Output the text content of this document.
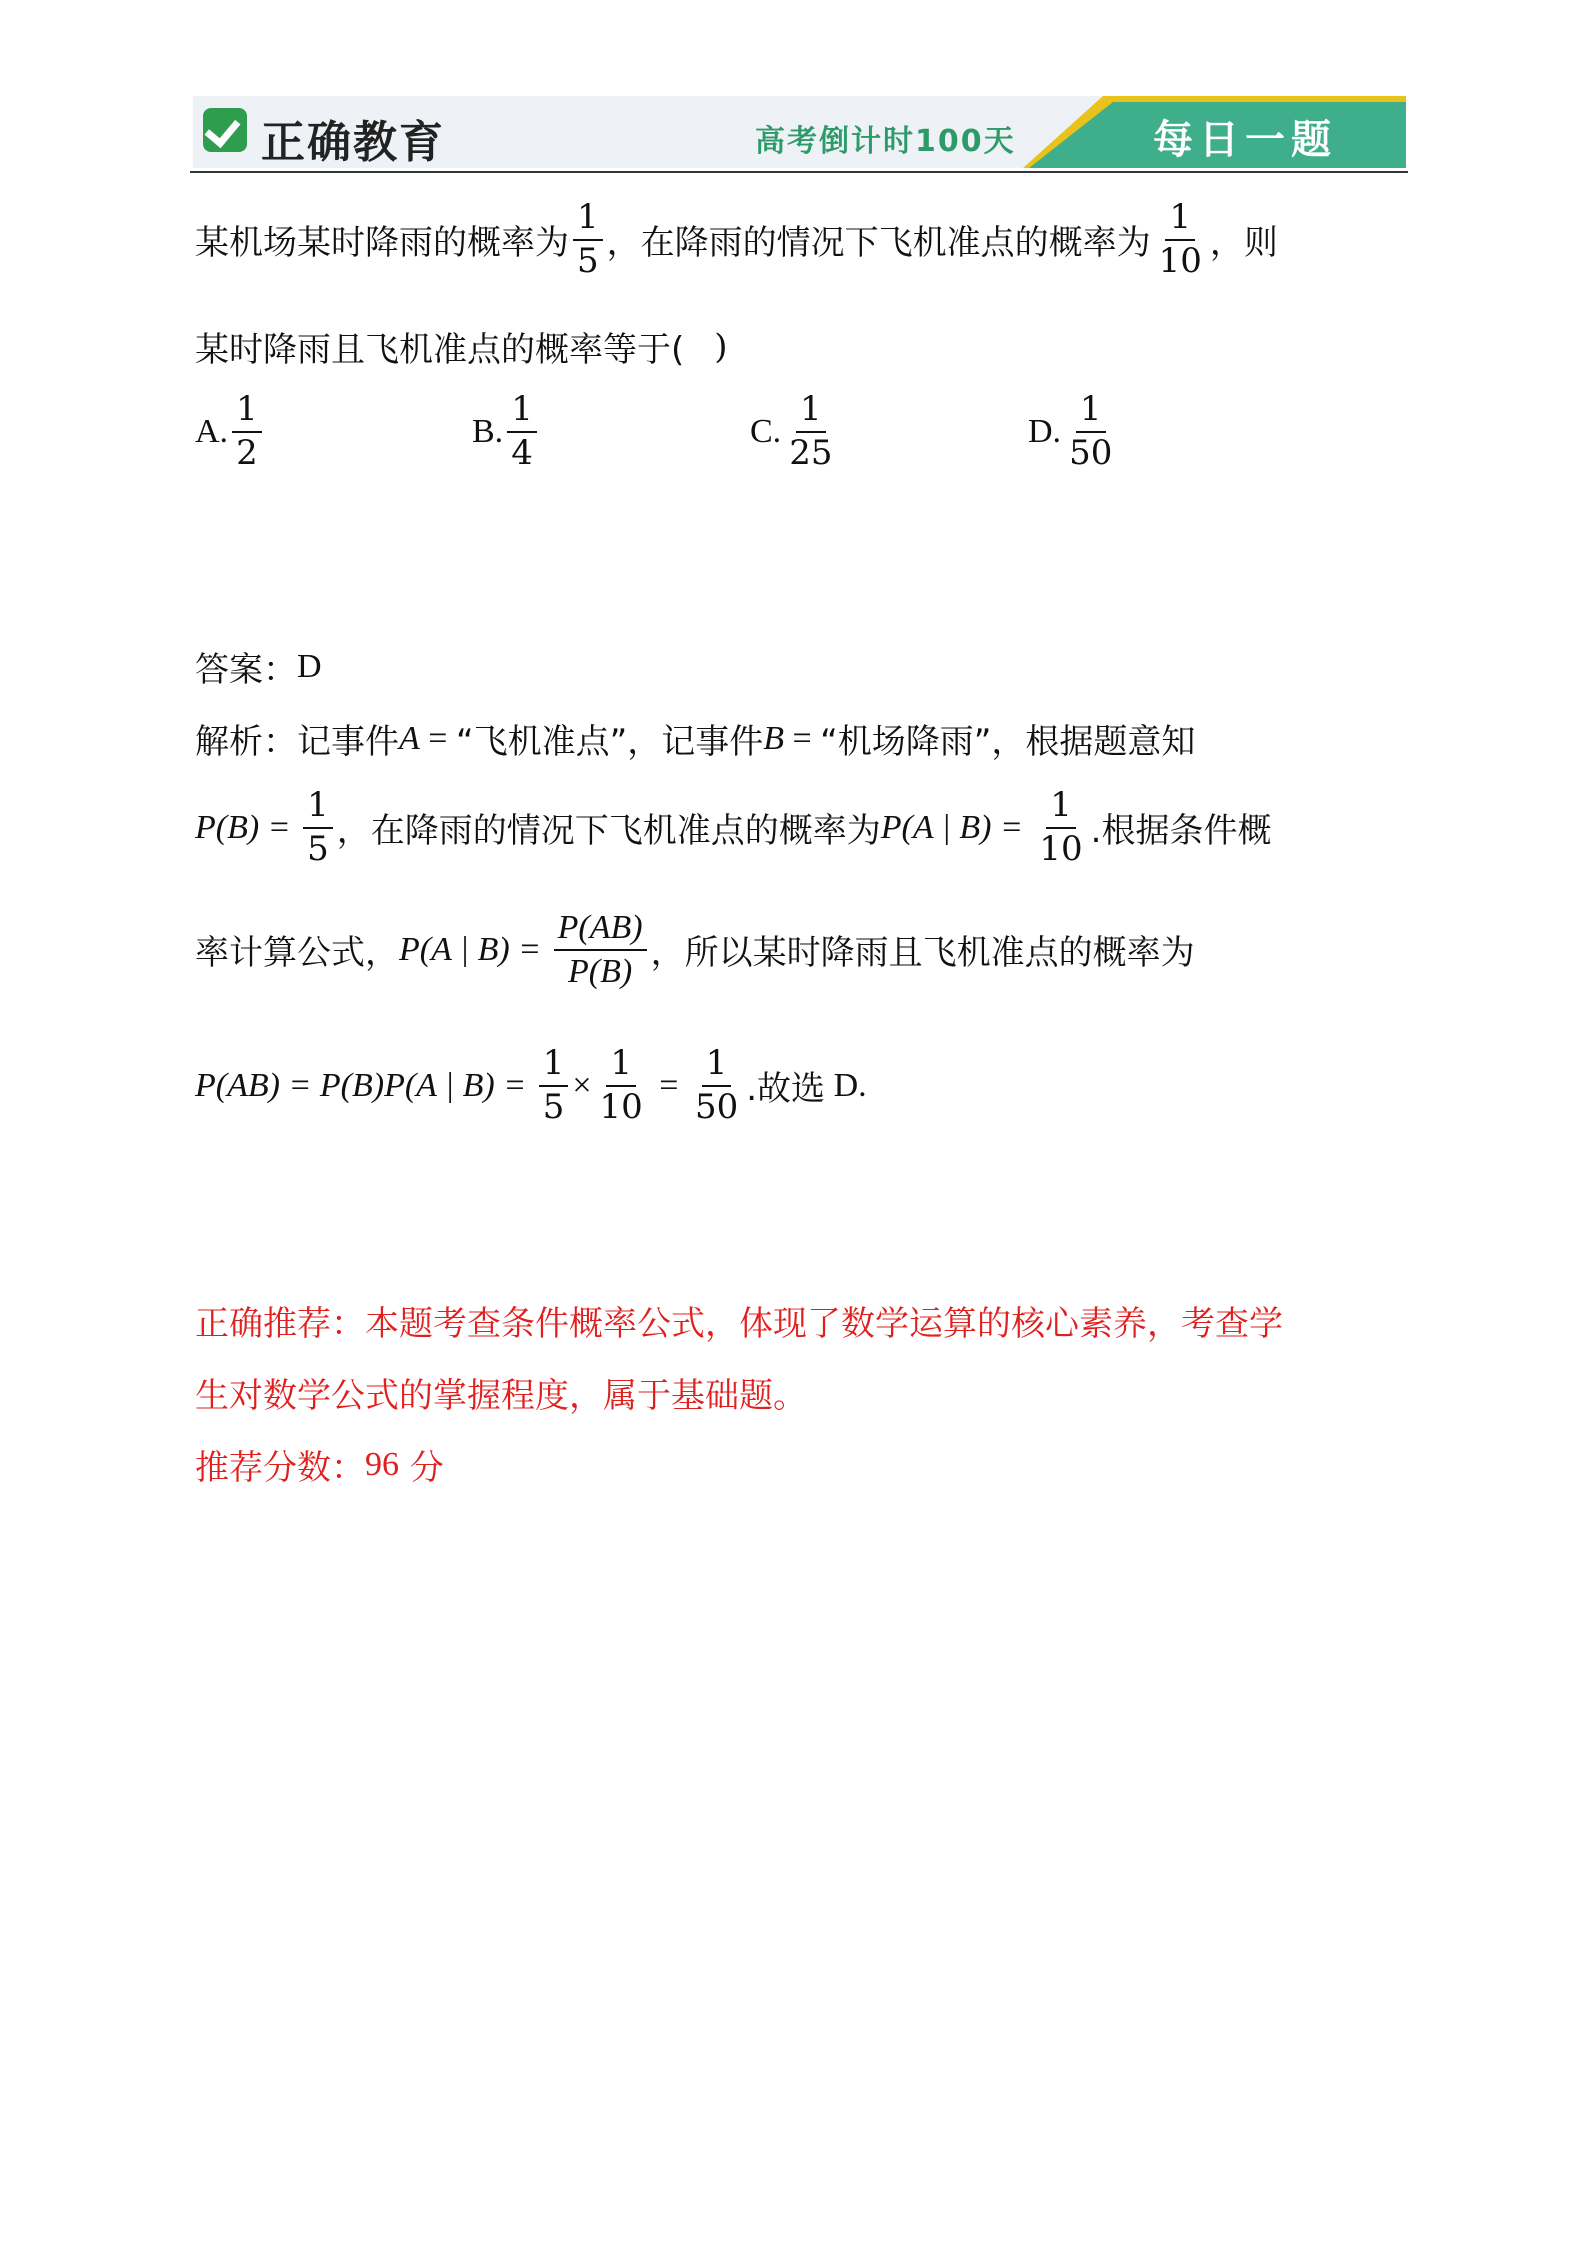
正确教育	高考倒计时100天	每日一题
某机场某时降雨的概率为 $\frac{1}{5}$ ，在降雨的情况下飞机准点的概率为 $\frac{1}{10}$ ，则
某时降雨且飞机准点的概率等于( )
A. $\frac{1}{2}$	B. $\frac{1}{4}$	C. $\frac{1}{25}$	D. $\frac{1}{50}$
答案： D
解析：记事件 A = “飞机准点”，记事件 B = “机场降雨”，根据题意知
$P(B) = \frac{1}{5}$ ，在降雨的情况下飞机准点的概率为 P(A | $B) = \frac{1}{10}$ .根据条件概
率计算公式， P(A | $B) = \frac{P(AB)}{P(B)}$ ，所以某时降雨且飞机准点的概率为
P(AB) = P(B)P(A | $B) = \frac{1}{5} \times \frac{1}{10} = \frac{1}{50}$ .故选 D.
正确推荐：本题考查条件概率公式，体现了数学运算的核心素养，考查学
生对数学公式的掌握程度，属于基础题。
推荐分数： 96 分
